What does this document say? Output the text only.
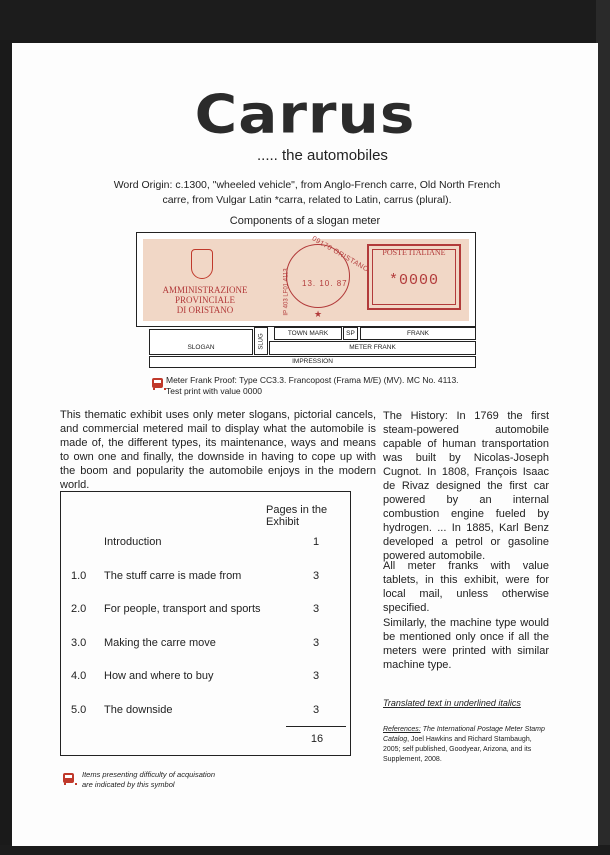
Carrus
..... the automobiles
Word Origin: c.1300, "wheeled vehicle", from Anglo-French carre, Old North French carre, from Vulgar Latin *carra, related to Latin, carrus (plural).
Components of a slogan meter
AMMINISTRAZIONE
PROVINCIALE
DI ORISTANO	IP 403 LF01 4113
09170 ORISTANO
13. 10. 87
★
POSTE ITALIANE
*0000
TOWN MARK	SP	FRANK
SLOGAN	SLUG	METER FRANK
IMPRESSION
Meter Frank Proof: Type CC3.3. Francopost (Frama M/E) (MV). MC No. 4113. Test print with value 0000
This thematic exhibit uses only meter slogans, pictorial cancels, and commercial metered mail to display what the automobile is made of, the different types, its maintenance, ways and means to own one and finally, the downside in having to cope up with the boom and popularity the automobile enjoys in the modern world.
Pages in the Exhibit
Introduction	1
1.0 The stuff carre is made from	3
2.0 For people, transport and sports	3
3.0 Making the carre move	3
4.0 How and where to buy	3
5.0 The downside	3
16
Items presenting difficulty of acquisation
are indicated by this symbol
The History: In 1769 the first steam-powered automobile capable of human transportation was built by Nicolas-Joseph Cugnot. In 1808, François Isaac de Rivaz designed the first car powered by an internal combustion engine fueled by hydrogen. ... In 1885, Karl Benz developed a petrol or gasoline powered automobile.
All meter franks with value tablets, in this exhibit, were for local mail, unless otherwise specified.
Similarly, the machine type would be mentioned only once if all the meters were printed with similar machine type.
Translated text in underlined italics
References: The International Postage Meter Stamp Catalog, Joel Hawkins and Richard Stambaugh, 2005; self published, Goodyear, Arizona, and its Supplement, 2008.
